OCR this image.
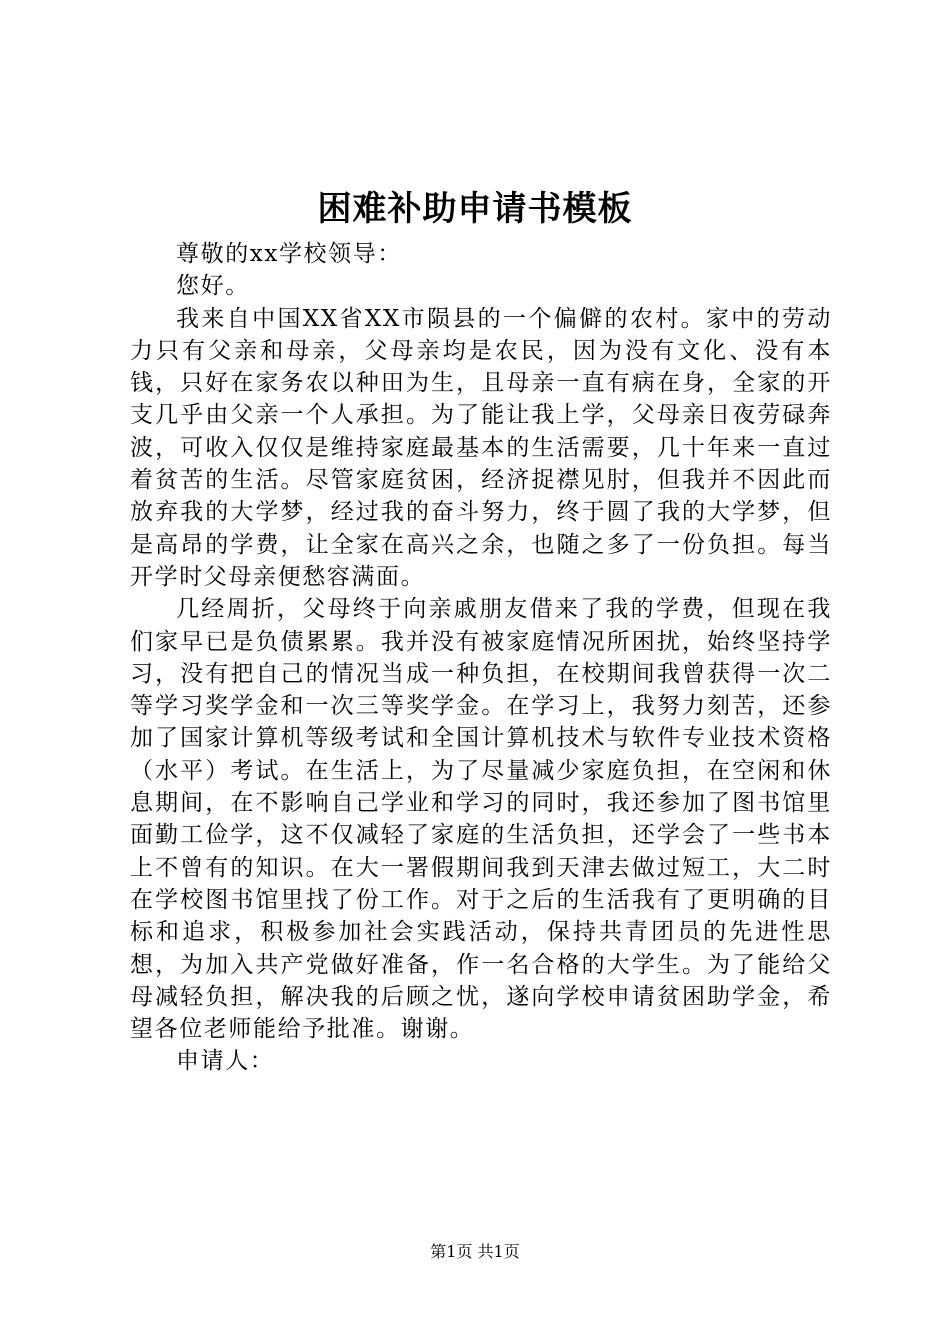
困难补助申请书模板

尊敬的xx学校领导：

您好。

我来自中国XX省XX市陨县的一个偏僻的农村。家中的劳动力只有父亲和母亲，父母亲均是农民，因为没有文化、没有本钱，只好在家务农以种田为生，且母亲一直有病在身，全家的开支几乎由父亲一个人承担。为了能让我上学，父母亲日夜劳碌奔波，可收入仅仅是维持家庭最基本的生活需要，几十年来一直过着贫苦的生活。尽管家庭贫困，经济捉襟见肘，但我并不因此而放弃我的大学梦，经过我的奋斗努力，终于圆了我的大学梦，但是高昂的学费，让全家在高兴之余，也随之多了一份负担。每当开学时父母亲便愁容满面。

几经周折，父母终于向亲戚朋友借来了我的学费，但现在我们家早已是负债累累。我并没有被家庭情况所困扰，始终坚持学习，没有把自己的情况当成一种负担，在校期间我曾获得一次二等学习奖学金和一次三等奖学金。在学习上，我努力刻苦，还参加了国家计算机等级考试和全国计算机技术与软件专业技术资格（水平）考试。在生活上，为了尽量减少家庭负担，在空闲和休息期间，在不影响自己学业和学习的同时，我还参加了图书馆里面勤工俭学，这不仅减轻了家庭的生活负担，还学会了一些书本上不曾有的知识。在大一署假期间我到天津去做过短工，大二时在学校图书馆里找了份工作。对于之后的生活我有了更明确的目标和追求，积极参加社会实践活动，保持共青团员的先进性思想，为加入共产党做好准备，作一名合格的大学生。为了能给父母减轻负担，解决我的后顾之忧，遂向学校申请贫困助学金，希望各位老师能给予批准。谢谢。

申请人：

第1页 共1页
